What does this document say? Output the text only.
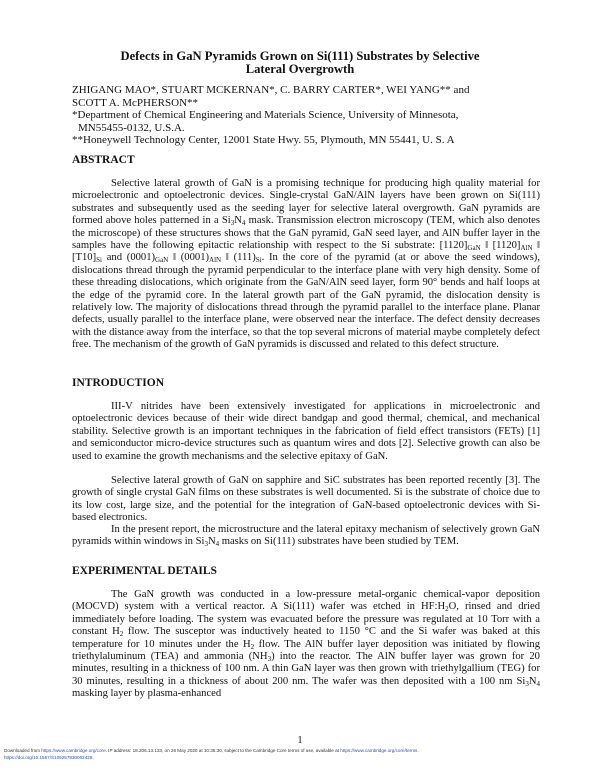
Defects in GaN Pyramids Grown on Si(111) Substrates by Selective
Lateral Overgrowth
ZHIGANG MAO*, STUART MCKERNAN*, C. BARRY CARTER*, WEI YANG** and
SCOTT A. McPHERSON**
*Department of Chemical Engineering and Materials Science, University of Minnesota,
MN55455-0132, U.S.A.
**Honeywell Technology Center, 12001 State Hwy. 55, Plymouth, MN 55441, U. S. A
ABSTRACT

Selective lateral growth of GaN is a promising technique for producing high quality material for microelectronic and optoelectronic devices. Single-crystal GaN/AlN layers have been grown on Si(111) substrates and subsequently used as the seeding layer for selective lateral overgrowth. GaN pyramids are formed above holes patterned in a $Si_3N_4$ mask. Transmission electron microscopy (TEM, which also denotes the microscope) of these structures shows that the GaN pyramid, GaN seed layer, and AlN buffer layer in the samples have the following epitactic relationship with respect to the Si substrate: $[1120]_{GaN}$ ‖ $[1120]_{AlN}$ ‖ $[T10]_{Si}$ and $(0001)_{GaN}$ ‖ $(0001)_{AlN}$ ‖ $(111)_{Si}$. In the core of the pyramid (at or above the seed windows), dislocations thread through the pyramid perpendicular to the interface plane with very high density. Some of these threading dislocations, which originate from the GaN/AlN seed layer, form 90° bends and half loops at the edge of the pyramid core. In the lateral growth part of the GaN pyramid, the dislocation density is relatively low. The majority of dislocations thread through the pyramid parallel to the interface plane. Planar defects, usually parallel to the interface plane, were observed near the interface. The defect density decreases with the distance away from the interface, so that the top several microns of material maybe completely defect free. The mechanism of the growth of GaN pyramids is discussed and related to this defect structure.

INTRODUCTION

III-V nitrides have been extensively investigated for applications in microelectronic and optoelectronic devices because of their wide direct bandgap and good thermal, chemical, and mechanical stability. Selective growth is an important techniques in the fabrication of field effect transistors (FETs) [1] and semiconductor micro-device structures such as quantum wires and dots [2]. Selective growth can also be used to examine the growth mechanisms and the selective epitaxy of GaN.

Selective lateral growth of GaN on sapphire and SiC substrates has been reported recently [3]. The growth of single crystal GaN films on these substrates is well documented. Si is the substrate of choice due to its low cost, large size, and the potential for the integration of GaN-based optoelectronic devices with Si-based electronics.

In the present report, the microstructure and the lateral epitaxy mechanism of selectively grown GaN pyramids within windows in $Si_3N_4$ masks on Si(111) substrates have been studied by TEM.

EXPERIMENTAL DETAILS

The GaN growth was conducted in a low-pressure metal-organic chemical-vapor deposition (MOCVD) system with a vertical reactor. A Si(111) wafer was etched in $HF:H_2O$, rinsed and dried immediately before loading. The system was evacuated before the pressure was regulated at 10 Torr with a constant $H_2$ flow. The susceptor was inductively heated to 1150 °C and the Si wafer was baked at this temperature for 10 minutes under the $H_2$ flow. The AlN buffer layer deposition was initiated by flowing triethylaluminum (TEA) and ammonia $(NH_3)$ into the reactor. The AlN buffer layer was grown for 20 minutes, resulting in a thickness of 100 nm. A thin GaN layer was then grown with triethylgallium (TEG) for 30 minutes, resulting in a thickness of about 200 nm. The wafer was then deposited with a 100 nm $Si_3N_4$ masking layer by plasma-enhanced

1
Downloaded from https://www.cambridge.org/core. IP address: 18.206.13.133, on 26 May 2020 at 10:35:30, subject to the Cambridge Core terms of use, available at https://www.cambridge.org/core/terms.
https://doi.org/10.1557/S109257830002428
